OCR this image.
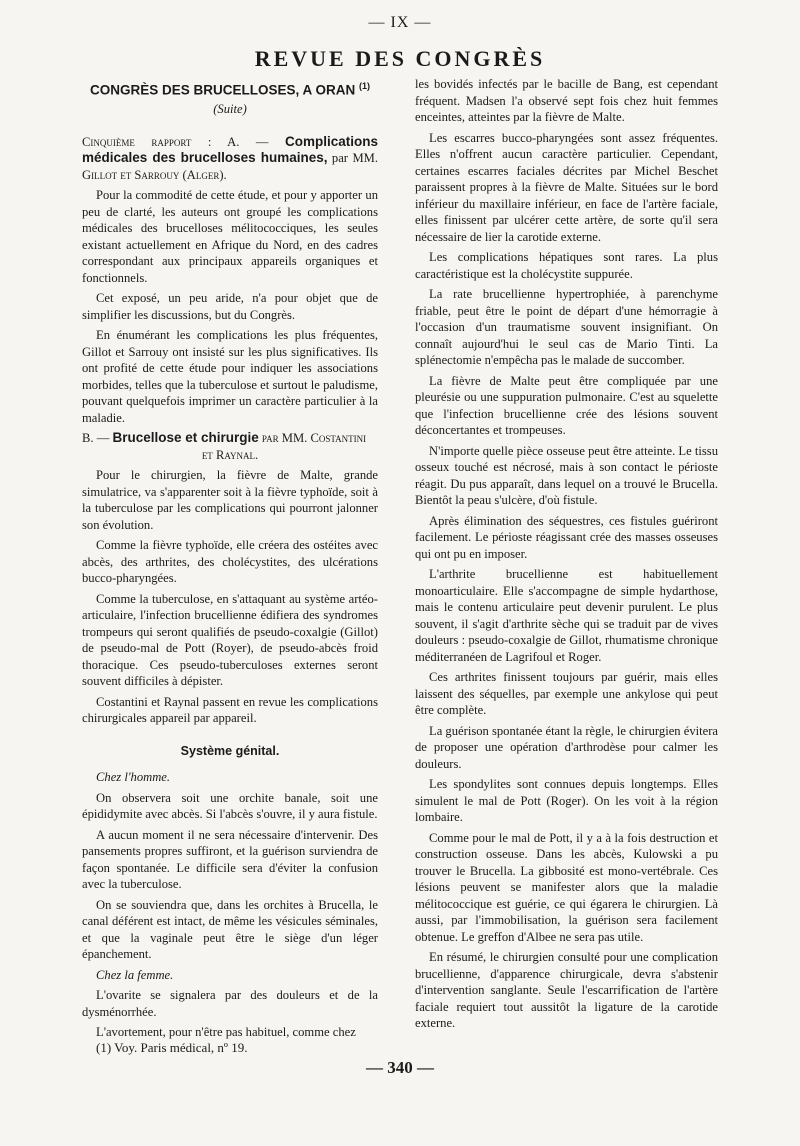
— IX —
REVUE DES CONGRÈS
CONGRÈS DES BRUCELLOSES, A ORAN $^{(1)}$
(Suite)

Cinquième rapport : A. — Complications médicales des brucelloses humaines, par MM. Gillot et Sarrouy (Alger).

Pour la commodité de cette étude, et pour y apporter un peu de clarté, les auteurs ont groupé les complications médicales des brucelloses mélitococciques, les seules existant actuellement en Afrique du Nord, en des cadres correspondant aux principaux appareils organiques et fonctionnels.

Cet exposé, un peu aride, n'a pour objet que de simplifier les discussions, but du Congrès.

En énumérant les complications les plus fréquentes, Gillot et Sarrouy ont insisté sur les plus significatives. Ils ont profité de cette étude pour indiquer les associations morbides, telles que la tuberculose et surtout le paludisme, pouvant quelquefois imprimer un caractère particulier à la maladie.

B. — Brucellose et chirurgie par MM. Costantini
et Raynal.

Pour le chirurgien, la fièvre de Malte, grande simulatrice, va s'apparenter soit à la fièvre typhoïde, soit à la tuberculose par les complications qui pourront jalonner son évolution.

Comme la fièvre typhoïde, elle créera des ostéites avec abcès, des arthrites, des cholécystites, des ulcérations bucco-pharyngées.

Comme la tuberculose, en s'attaquant au système artéo-articulaire, l'infection brucellienne édifiera des syndromes trompeurs qui seront qualifiés de pseudo-coxalgie (Gillot) de pseudo-mal de Pott (Royer), de pseudo-abcès froid thoracique. Ces pseudo-tuberculoses externes seront souvent difficiles à dépister.

Costantini et Raynal passent en revue les complications chirurgicales appareil par appareil.

Système génital.

Chez l'homme.

On observera soit une orchite banale, soit une épididymite avec abcès. Si l'abcès s'ouvre, il y aura fistule.

A aucun moment il ne sera nécessaire d'intervenir. Des pansements propres suffiront, et la guérison surviendra de façon spontanée. Le difficile sera d'éviter la confusion avec la tuberculose.

On se souviendra que, dans les orchites à Brucella, le canal déférent est intact, de même les vésicules séminales, et que la vaginale peut être le siège d'un léger épanchement.

Chez la femme.

L'ovarite se signalera par des douleurs et de la dysménorrhée.

L'avortement, pour n'être pas habituel, comme chez

les bovidés infectés par le bacille de Bang, est cependant fréquent. Madsen l'a observé sept fois chez huit femmes enceintes, atteintes par la fièvre de Malte.

Les escarres bucco-pharyngées sont assez fréquentes. Elles n'offrent aucun caractère particulier. Cependant, certaines escarres faciales décrites par Michel Beschet paraissent propres à la fièvre de Malte. Situées sur le bord inférieur du maxillaire inférieur, en face de l'artère faciale, elles finissent par ulcérer cette artère, de sorte qu'il sera nécessaire de lier la carotide externe.

Les complications hépatiques sont rares. La plus caractéristique est la cholécystite suppurée.

La rate brucellienne hypertrophiée, à parenchyme friable, peut être le point de départ d'une hémorragie à l'occasion d'un traumatisme souvent insignifiant. On connaît aujourd'hui le seul cas de Mario Tinti. La splénectomie n'empêcha pas le malade de succomber.

La fièvre de Malte peut être compliquée par une pleurésie ou une suppuration pulmonaire. C'est au squelette que l'infection brucellienne crée des lésions souvent déconcertantes et trompeuses.

N'importe quelle pièce osseuse peut être atteinte. Le tissu osseux touché est nécrosé, mais à son contact le périoste réagit. Du pus apparaît, dans lequel on a trouvé le Brucella. Bientôt la peau s'ulcère, d'où fistule.

Après élimination des séquestres, ces fistules guériront facilement. Le périoste réagissant crée des masses osseuses qui ont pu en imposer.

L'arthrite brucellienne est habituellement monoarticulaire. Elle s'accompagne de simple hydarthose, mais le contenu articulaire peut devenir purulent. Le plus souvent, il s'agit d'arthrite sèche qui se traduit par de vives douleurs : pseudo-coxalgie de Gillot, rhumatisme chronique méditerranéen de Lagrifoul et Roger.

Ces arthrites finissent toujours par guérir, mais elles laissent des séquelles, par exemple une ankylose qui peut être complète.

La guérison spontanée étant la règle, le chirurgien évitera de proposer une opération d'arthrodèse pour calmer les douleurs.

Les spondylites sont connues depuis longtemps. Elles simulent le mal de Pott (Roger). On les voit à la région lombaire.

Comme pour le mal de Pott, il y a à la fois destruction et construction osseuse. Dans les abcès, Kulowski a pu trouver le Brucella. La gibbosité est mono-vertébrale. Ces lésions peuvent se manifester alors que la maladie mélitococcique est guérie, ce qui égarera le chirurgien. Là aussi, par l'immobilisation, la guérison sera facilement obtenue. Le greffon d'Albee ne sera pas utile.

En résumé, le chirurgien consulté pour une complication brucellienne, d'apparence chirurgicale, devra s'abstenir d'intervention sanglante. Seule l'escarrification de l'artère faciale requiert tout aussitôt la ligature de la carotide externe.

(1) Voy. Paris médical, nº 19.
— 340 —
